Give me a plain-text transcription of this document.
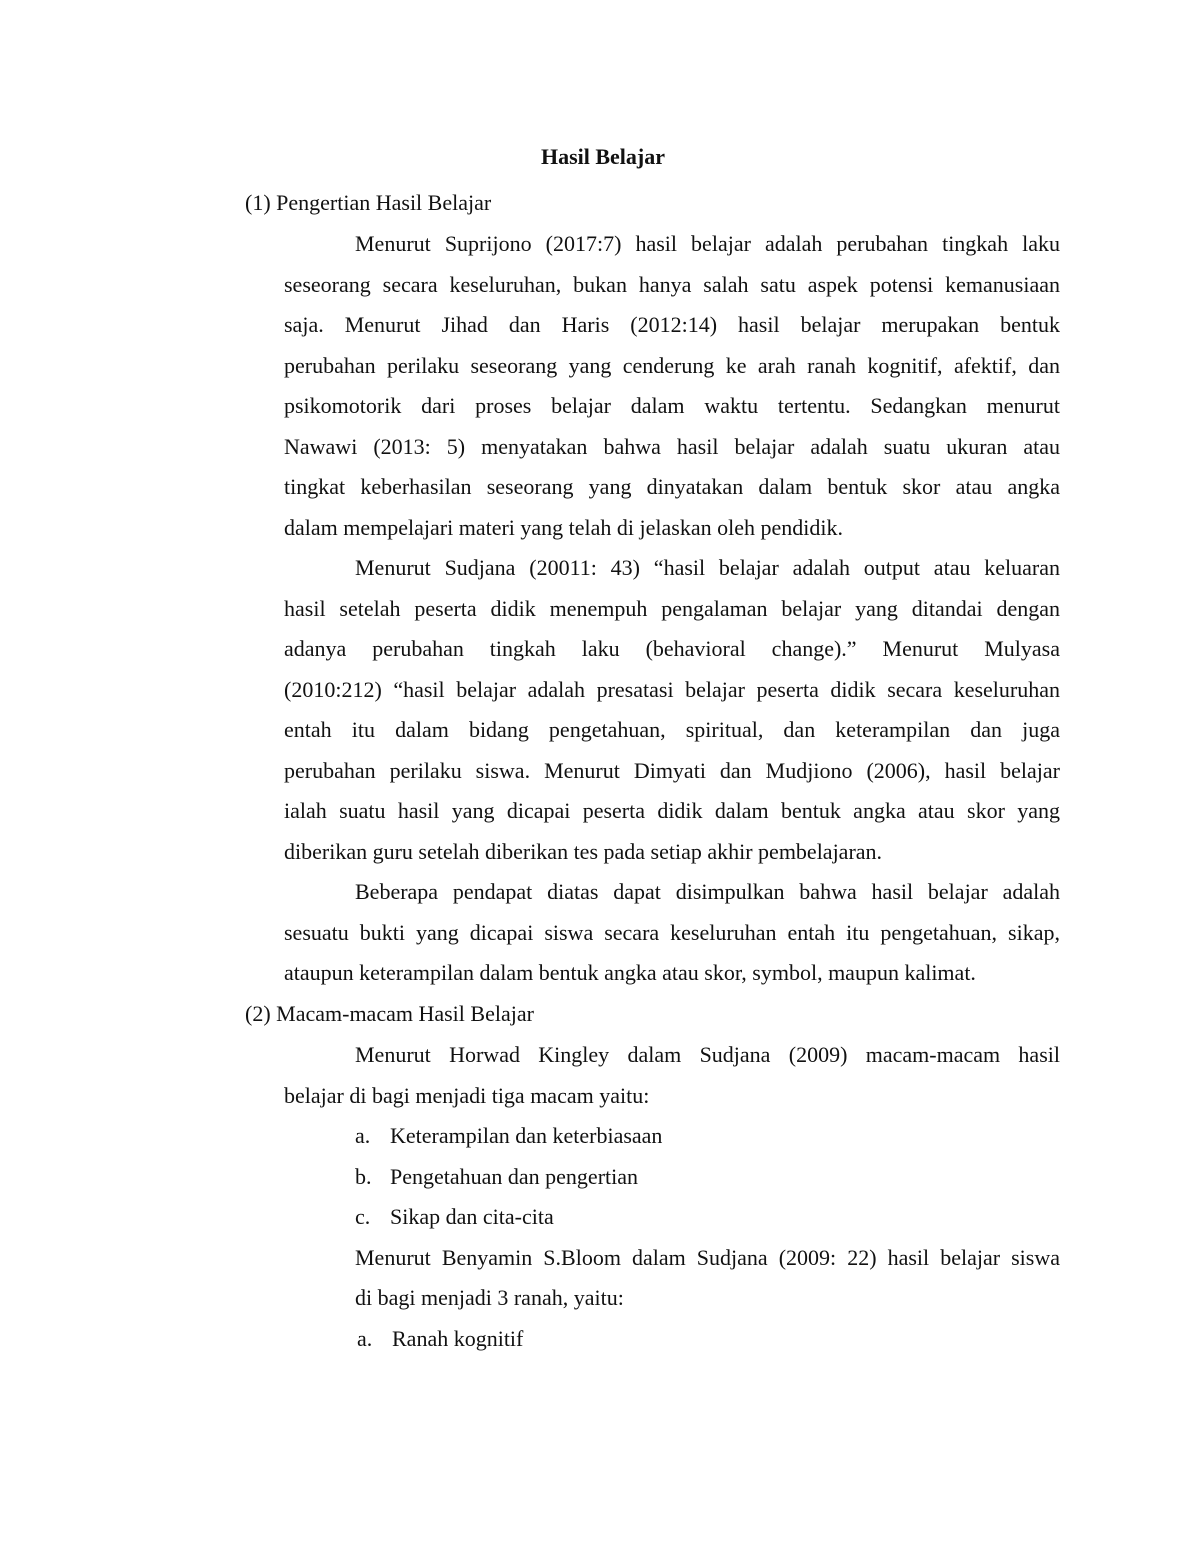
Hasil Belajar
(1) Pengertian Hasil Belajar
Menurut Suprijono (2017:7) hasil belajar adalah perubahan tingkah laku
seseorang secara keseluruhan, bukan hanya salah satu aspek potensi kemanusiaan
saja. Menurut Jihad dan Haris (2012:14) hasil belajar merupakan bentuk
perubahan perilaku seseorang yang cenderung ke arah ranah kognitif, afektif, dan
psikomotorik dari proses belajar dalam waktu tertentu. Sedangkan menurut
Nawawi (2013: 5) menyatakan bahwa hasil belajar adalah suatu ukuran atau
tingkat keberhasilan seseorang yang dinyatakan dalam bentuk skor atau angka
dalam mempelajari materi yang telah di jelaskan oleh pendidik.
Menurut Sudjana (20011: 43) “hasil belajar adalah output atau keluaran
hasil setelah peserta didik menempuh pengalaman belajar yang ditandai dengan
adanya perubahan tingkah laku (behavioral change).” Menurut Mulyasa
(2010:212) “hasil belajar adalah presatasi belajar peserta didik secara keseluruhan
entah itu dalam bidang pengetahuan, spiritual, dan keterampilan dan juga
perubahan perilaku siswa. Menurut Dimyati dan Mudjiono (2006), hasil belajar
ialah suatu hasil yang dicapai peserta didik dalam bentuk angka atau skor yang
diberikan guru setelah diberikan tes pada setiap akhir pembelajaran.
Beberapa pendapat diatas dapat disimpulkan bahwa hasil belajar adalah
sesuatu bukti yang dicapai siswa secara keseluruhan entah itu pengetahuan, sikap,
ataupun keterampilan dalam bentuk angka atau skor, symbol, maupun kalimat.
(2) Macam-macam Hasil Belajar
Menurut Horwad Kingley dalam Sudjana (2009) macam-macam hasil
belajar di bagi menjadi tiga macam yaitu:
a. Keterampilan dan keterbiasaan
b. Pengetahuan dan pengertian
c. Sikap dan cita-cita
Menurut Benyamin S.Bloom dalam Sudjana (2009: 22) hasil belajar siswa
di bagi menjadi 3 ranah, yaitu:
a. Ranah kognitif
